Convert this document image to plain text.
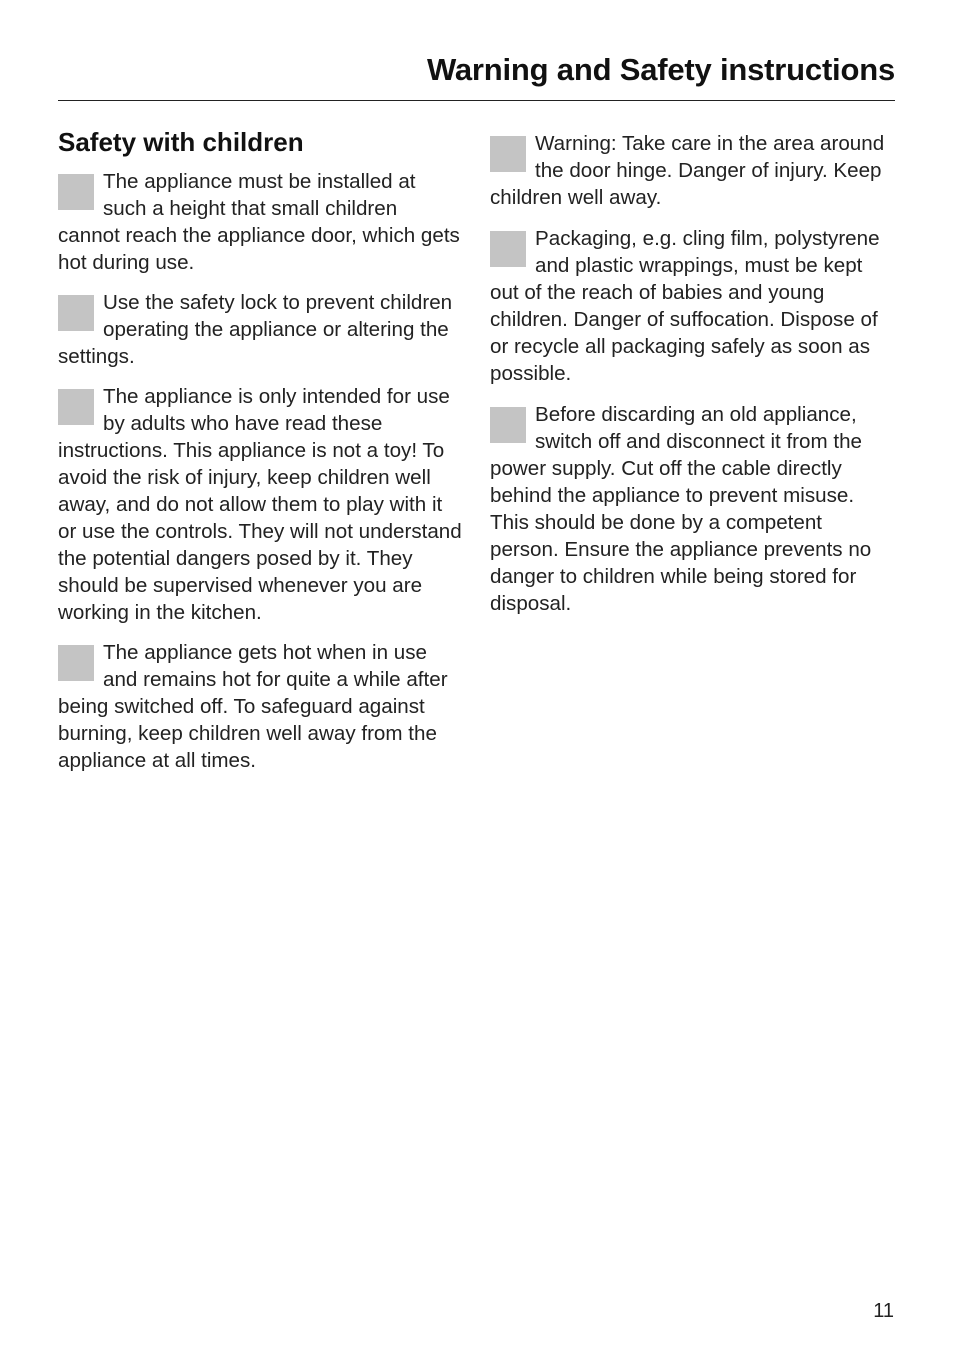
Warning and Safety instructions
Safety with children

The appliance must be installed at such a height that small children cannot reach the appliance door, which gets hot during use.

Use the safety lock to prevent children operating the appliance or altering the settings.

The appliance is only intended for use by adults who have read these instructions. This appliance is not a toy! To avoid the risk of injury, keep children well away, and do not allow them to play with it or use the controls. They will not understand the potential dangers posed by it. They should be supervised whenever you are working in the kitchen.

The appliance gets hot when in use and remains hot for quite a while after being switched off. To safeguard against burning, keep children well away from the appliance at all times.

Warning: Take care in the area around the door hinge. Danger of injury. Keep children well away.

Packaging, e.g. cling film, polystyrene and plastic wrappings, must be kept out of the reach of babies and young children. Danger of suffocation. Dispose of or recycle all packaging safely as soon as possible.

Before discarding an old appliance, switch off and disconnect it from the power supply. Cut off the cable directly behind the appliance to prevent misuse. This should be done by a competent person. Ensure the appliance prevents no danger to children while being stored for disposal.

11
